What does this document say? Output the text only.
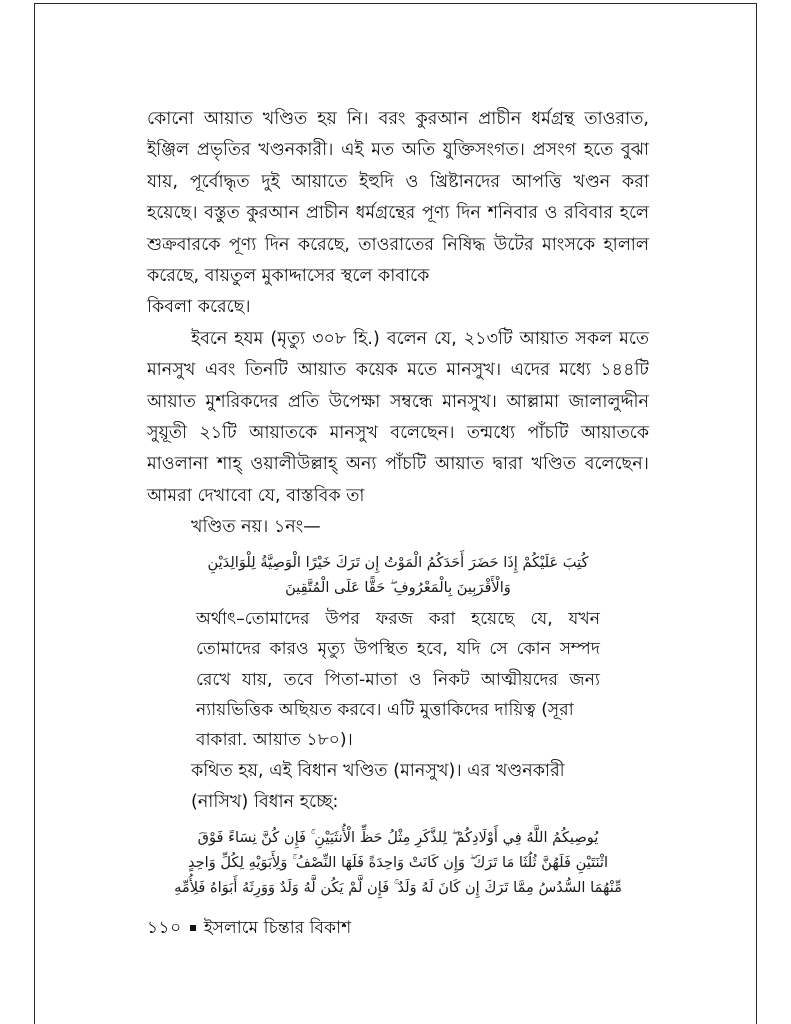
কোনো আয়াত খণ্ডিত হয় নি। বরং কুরআন প্রাচীন ধর্মগ্রন্থ তাওরাত, ইঞ্জিল প্রভৃতির খণ্ডনকারী। এই মত অতি যুক্তিসংগত। প্রসংগ হতে বুঝা যায়, পূর্বোদ্ধৃত দুই আয়াতে ইহুদি ও খ্রিষ্টানদের আপত্তি খণ্ডন করা হয়েছে। বস্তুত কুরআন প্রাচীন ধর্মগ্রন্থের পূণ্য দিন শনিবার ও রবিবার হলে শুক্রবারকে পূণ্য দিন করেছে, তাওরাতের নিষিদ্ধ উটের মাংসকে হালাল করেছে, বায়তুল মুকাদ্দাসের স্থলে কাবাকে
কিবলা করেছে।

ইবনে হযম (মৃত্যু ৩০৮ হি.) বলেন যে, ২১৩টি আয়াত সকল মতে মানসুখ এবং তিনটি আয়াত কয়েক মতে মানসুখ। এদের মধ্যে ১৪৪টি আয়াত মুশরিকদের প্রতি উপেক্ষা সম্বন্ধে মানসুখ। আল্লামা জালালুদ্দীন সুয়ূতী ২১টি আয়াতকে মানসুখ বলেছেন। তন্মধ্যে পাঁচটি আয়াতকে মাওলানা শাহ্ ওয়ালীউল্লাহ্ অন্য পাঁচটি আয়াত দ্বারা খণ্ডিত বলেছেন। আমরা দেখাবো যে, বাস্তবিক তা
খণ্ডিত নয়। ১নং—

كُتِبَ عَلَيْكُمْ إِذَا حَضَرَ أَحَدَكُمُ الْمَوْتُ إِن تَرَكَ خَيْرًا الْوَصِيَّةُ لِلْوَالِدَيْنِ
وَالْأَقْرَبِينَ بِالْمَعْرُوفِ ۖ حَقًّا عَلَى الْمُتَّقِينَ

অর্থাৎ–তোমাদের উপর ফরজ করা হয়েছে যে, যখন তোমাদের কারও মৃত্যু উপস্থিত হবে, যদি সে কোন সম্পদ রেখে যায়, তবে পিতা-মাতা ও নিকট আত্মীয়দের জন্য ন্যায়ভিত্তিক অছিয়ত করবে। এটি মুত্তাকিদের দায়িত্ব (সূরা
বাকারা. আয়াত ১৮০)।

কথিত হয়, এই বিধান খণ্ডিত (মানসুখ)। এর খণ্ডনকারী
(নাসিখ) বিধান হচ্ছে:

يُوصِيكُمُ اللَّهُ فِي أَوْلَادِكُمْ ۖ لِلذَّكَرِ مِثْلُ حَظِّ الْأُنثَيَيْنِ ۚ فَإِن كُنَّ نِسَاءً فَوْقَ
اثْنَتَيْنِ فَلَهُنَّ ثُلُثَا مَا تَرَكَ ۖ وَإِن كَانَتْ وَاحِدَةً فَلَهَا النِّصْفُ ۚ وَلِأَبَوَيْهِ لِكُلِّ وَاحِدٍ
مِّنْهُمَا السُّدُسُ مِمَّا تَرَكَ إِن كَانَ لَهُ وَلَدٌ ۚ فَإِن لَّمْ يَكُن لَّهُ وَلَدٌ وَوَرِثَهُ أَبَوَاهُ فَلِأُمِّهِ
১১০ ইসলামে চিন্তার বিকাশ
